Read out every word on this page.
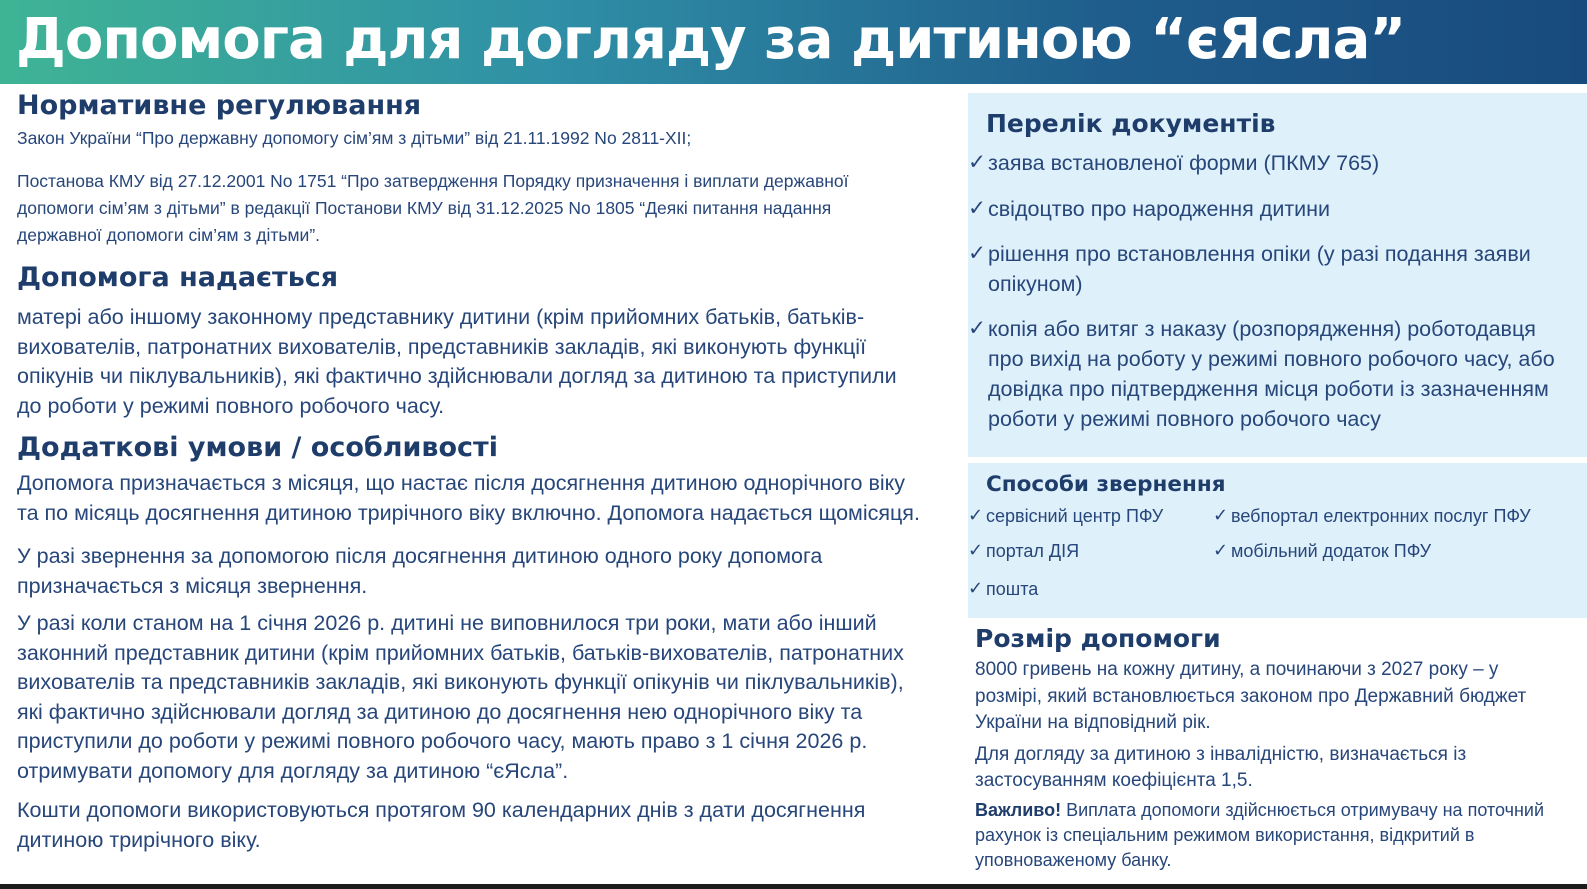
Допомога для догляду за дитиною “єЯсла”
Нормативне регулювання

Закон України “Про державну допомогу сім’ям з дітьми” від 21.11.1992 No 2811-XII;

Постанова КМУ від 27.12.2001 No 1751 “Про затвердження Порядку призначення і виплати державної

допомоги сім’ям з дітьми” в редакції Постанови КМУ від 31.12.2025 No 1805 “Деякі питання надання

державної допомоги сім’ям з дітьми”.

Допомога надається

матері або іншому законному представнику дитини (крім прийомних батьків, батьків-

вихователів, патронатних вихователів, представників закладів, які виконують функції

опікунів чи піклувальників), які фактично здійснювали догляд за дитиною та приступили

до роботи у режимі повного робочого часу.

Додаткові умови / особливості

Допомога призначається з місяця, що настає після досягнення дитиною однорічного віку

та по місяць досягнення дитиною трирічного віку включно. Допомога надається щомісяця.

У разі звернення за допомогою після досягнення дитиною одного року допомога

призначається з місяця звернення.

У разі коли станом на 1 січня 2026 р. дитині не виповнилося три роки, мати або інший

законний представник дитини (крім прийомних батьків, батьків-вихователів, патронатних

вихователів та представників закладів, які виконують функції опікунів чи піклувальників),

які фактично здійснювали догляд за дитиною до досягнення нею однорічного віку та

приступили до роботи у режимі повного робочого часу, мають право з 1 січня 2026 р.

отримувати допомогу для догляду за дитиною “єЯсла”.

Кошти допомоги використовуються протягом 90 календарних днів з дати досягнення

дитиною трирічного віку.

Перелік документів
✓ заява встановленої форми (ПКМУ 765)
✓ свідоцтво про народження дитини
✓ рішення про встановлення опіки (у разі подання заяви
опікуном)
✓ копія або витяг з наказу (розпорядження) роботодавця
про вихід на роботу у режимі повного робочого часу, або
довідка про підтвердження місця роботи із зазначенням
роботи у режимі повного робочого часу
Способи звернення
✓ сервісний центр ПФУ	✓ вебпортал електронних послуг ПФУ
✓ портал ДІЯ	✓ мобільний додаток ПФУ
✓ пошта
Розмір допомоги

8000 гривень на кожну дитину, а починаючи з 2027 року – у

розмірі, який встановлюється законом про Державний бюджет

України на відповідний рік.

Для догляду за дитиною з інвалідністю, визначається із

застосуванням коефіцієнта 1,5.

Важливо! Виплата допомоги здійснюється отримувачу на поточний

рахунок із спеціальним режимом використання, відкритий в

уповноваженому банку.
